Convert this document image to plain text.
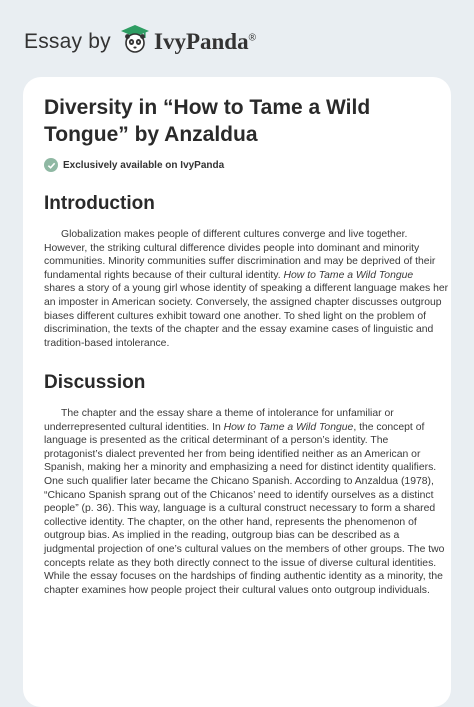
Essay by IvyPanda®
Diversity in “How to Tame a Wild Tongue” by Anzaldua
Exclusively available on IvyPanda
Introduction
Globalization makes people of different cultures converge and live together.
However, the striking cultural difference divides people into dominant and minority
communities. Minority communities suffer discrimination and may be deprived of their
fundamental rights because of their cultural identity. How to Tame a Wild Tongue
shares a story of a young girl whose identity of speaking a different language makes her
an imposter in American society. Conversely, the assigned chapter discusses outgroup
biases different cultures exhibit toward one another. To shed light on the problem of
discrimination, the texts of the chapter and the essay examine cases of linguistic and
tradition-based intolerance.
Discussion
The chapter and the essay share a theme of intolerance for unfamiliar or
underrepresented cultural identities. In How to Tame a Wild Tongue, the concept of
language is presented as the critical determinant of a person’s identity. The
protagonist’s dialect prevented her from being identified neither as an American or
Spanish, making her a minority and emphasizing a need for distinct identity qualifiers.
One such qualifier later became the Chicano Spanish. According to Anzaldua (1978),
“Chicano Spanish sprang out of the Chicanos’ need to identify ourselves as a distinct
people” (p. 36). This way, language is a cultural construct necessary to form a shared
collective identity. The chapter, on the other hand, represents the phenomenon of
outgroup bias. As implied in the reading, outgroup bias can be described as a
judgmental projection of one’s cultural values on the members of other groups. The two
concepts relate as they both directly connect to the issue of diverse cultural identities.
While the essay focuses on the hardships of finding authentic identity as a minority, the
chapter examines how people project their cultural values onto outgroup individuals.
